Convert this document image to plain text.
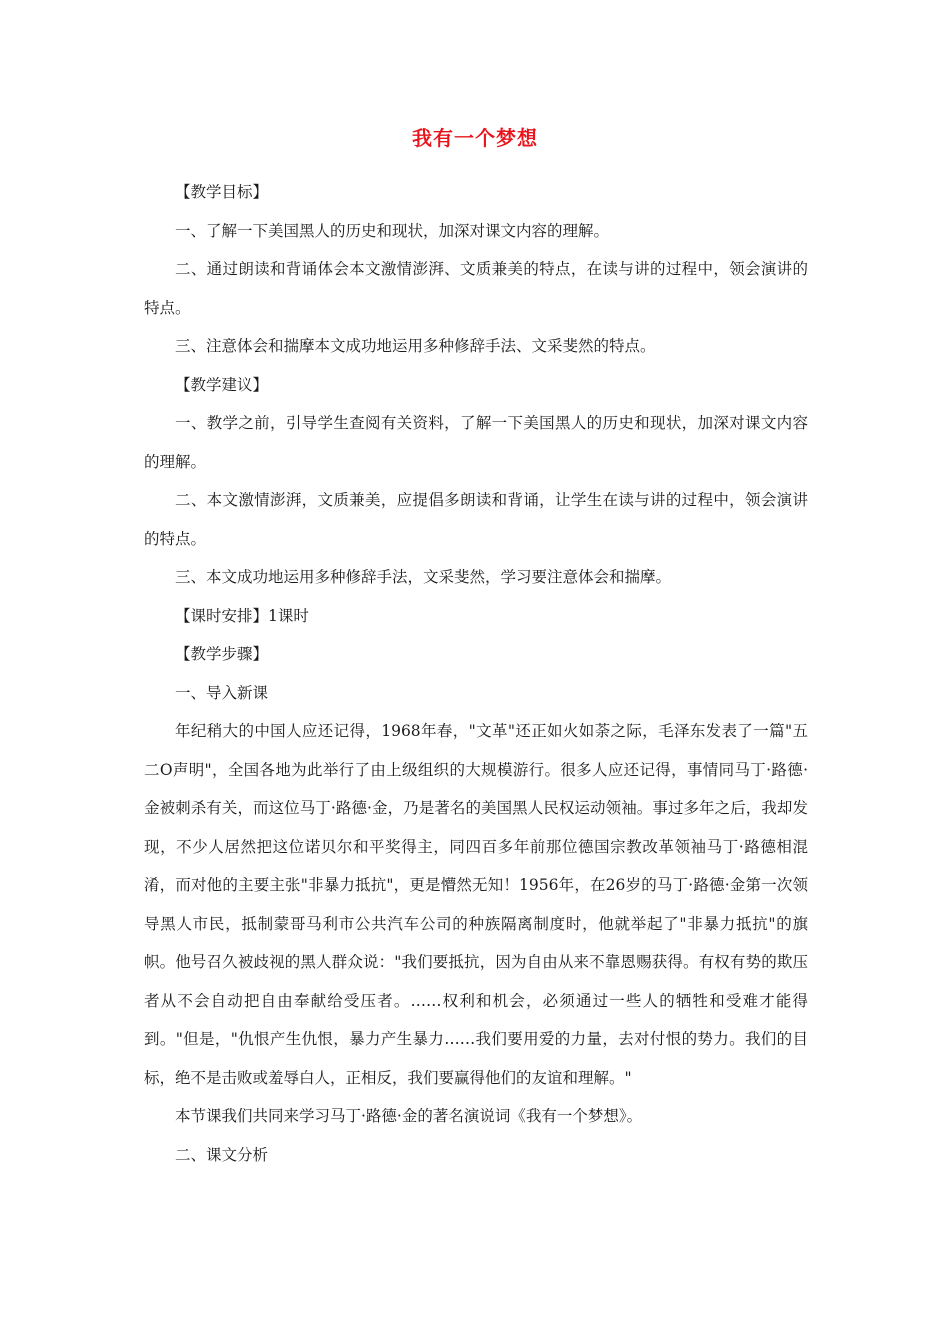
我有一个梦想

【教学目标】

一、了解一下美国黑人的历史和现状，加深对课文内容的理解。

二、通过朗读和背诵体会本文激情澎湃、文质兼美的特点，在读与讲的过程中，领会演讲的特点。

三、注意体会和揣摩本文成功地运用多种修辞手法、文采斐然的特点。

【教学建议】

一、教学之前，引导学生查阅有关资料，了解一下美国黑人的历史和现状，加深对课文内容的理解。

二、本文激情澎湃，文质兼美，应提倡多朗读和背诵，让学生在读与讲的过程中，领会演讲的特点。

三、本文成功地运用多种修辞手法，文采斐然，学习要注意体会和揣摩。

【课时安排】1课时

【教学步骤】

一、导入新课

年纪稍大的中国人应还记得，1968年春，"文革"还正如火如荼之际，毛泽东发表了一篇"五二O声明"，全国各地为此举行了由上级组织的大规模游行。很多人应还记得，事情同马丁·路德·金被刺杀有关，而这位马丁·路德·金，乃是著名的美国黑人民权运动领袖。事过多年之后，我却发现，不少人居然把这位诺贝尔和平奖得主，同四百多年前那位德国宗教改革领袖马丁·路德相混淆，而对他的主要主张"非暴力抵抗"，更是懵然无知！1956年，在26岁的马丁·路德·金第一次领导黑人市民，抵制蒙哥马利市公共汽车公司的种族隔离制度时，他就举起了"非暴力抵抗"的旗帜。他号召久被歧视的黑人群众说："我们要抵抗，因为自由从来不靠恩赐获得。有权有势的欺压者从不会自动把自由奉献给受压者。……权利和机会，必须通过一些人的牺牲和受难才能得到。"但是，"仇恨产生仇恨，暴力产生暴力……我们要用爱的力量，去对付恨的势力。我们的目标，绝不是击败或羞辱白人，正相反，我们要赢得他们的友谊和理解。"

本节课我们共同来学习马丁·路德·金的著名演说词《我有一个梦想》。

二、课文分析
